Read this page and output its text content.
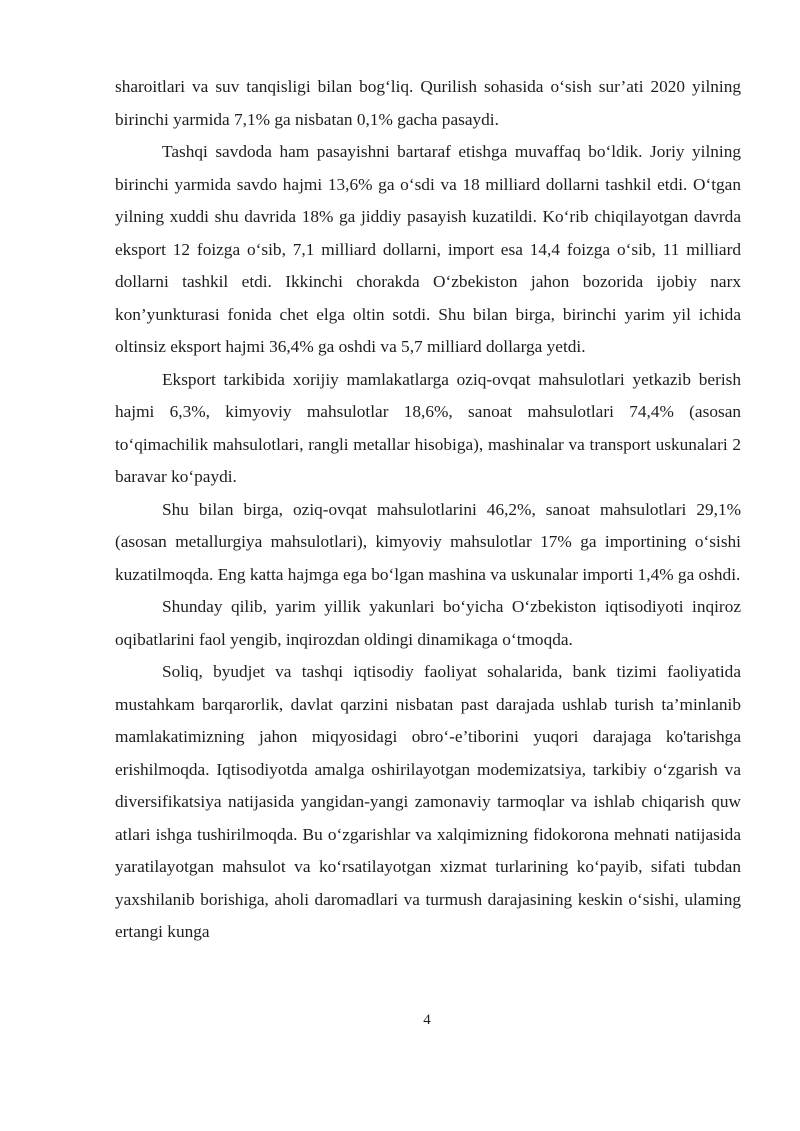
sharoitlari va suv tanqisligi bilan bog‘liq. Qurilish sohasida o‘sish sur’ati 2020 yilning birinchi yarmida 7,1% ga nisbatan 0,1% gacha pasaydi.

Tashqi savdoda ham pasayishni bartaraf etishga muvaffaq bo‘ldik. Joriy yilning birinchi yarmida savdo hajmi 13,6% ga o‘sdi va 18 milliard dollarni tashkil etdi. O‘tgan yilning xuddi shu davrida 18% ga jiddiy pasayish kuzatildi. Ko‘rib chiqilayotgan davrda eksport 12 foizga o‘sib, 7,1 milliard dollarni, import esa 14,4 foizga o‘sib, 11 milliard dollarni tashkil etdi. Ikkinchi chorakda O‘zbekiston jahon bozorida ijobiy narx kon’yunkturasi fonida chet elga oltin sotdi. Shu bilan birga, birinchi yarim yil ichida oltinsiz eksport hajmi 36,4% ga oshdi va 5,7 milliard dollarga yetdi.

Eksport tarkibida xorijiy mamlakatlarga oziq-ovqat mahsulotlari yetkazib berish hajmi 6,3%, kimyoviy mahsulotlar 18,6%, sanoat mahsulotlari 74,4% (asosan to‘qimachilik mahsulotlari, rangli metallar hisobiga), mashinalar va transport uskunalari 2 baravar ko‘paydi.

Shu bilan birga, oziq-ovqat mahsulotlarini 46,2%, sanoat mahsulotlari 29,1% (asosan metallurgiya mahsulotlari), kimyoviy mahsulotlar 17% ga importining o‘sishi kuzatilmoqda. Eng katta hajmga ega bo‘lgan mashina va uskunalar importi 1,4% ga oshdi.

Shunday qilib, yarim yillik yakunlari bo‘yicha O‘zbekiston iqtisodiyoti inqiroz oqibatlarini faol yengib, inqirozdan oldingi dinamikaga o‘tmoqda.

Soliq, byudjet va tashqi iqtisodiy faoliyat sohalarida, bank tizimi faoliyatida mustahkam barqarorlik, davlat qarzini nisbatan past darajada ushlab turish ta’minlanib mamlakatimizning jahon miqyosidagi obro‘-e’tiborini yuqori darajaga ko'tarishga erishilmoqda. Iqtisodiyotda amalga oshirilayotgan modemizatsiya, tarkibiy o‘zgarish va diversifikatsiya natijasida yangidan-yangi zamonaviy tarmoqlar va ishlab chiqarish quw atlari ishga tushirilmoqda. Bu o‘zgarishlar va xalqimizning fidokorona mehnati natijasida yaratilayotgan mahsulot va ko‘rsatilayotgan xizmat turlarining ko‘payib, sifati tubdan yaxshilanib borishiga, aholi daromadlari va turmush darajasining keskin o‘sishi, ulaming ertangi kunga

4
